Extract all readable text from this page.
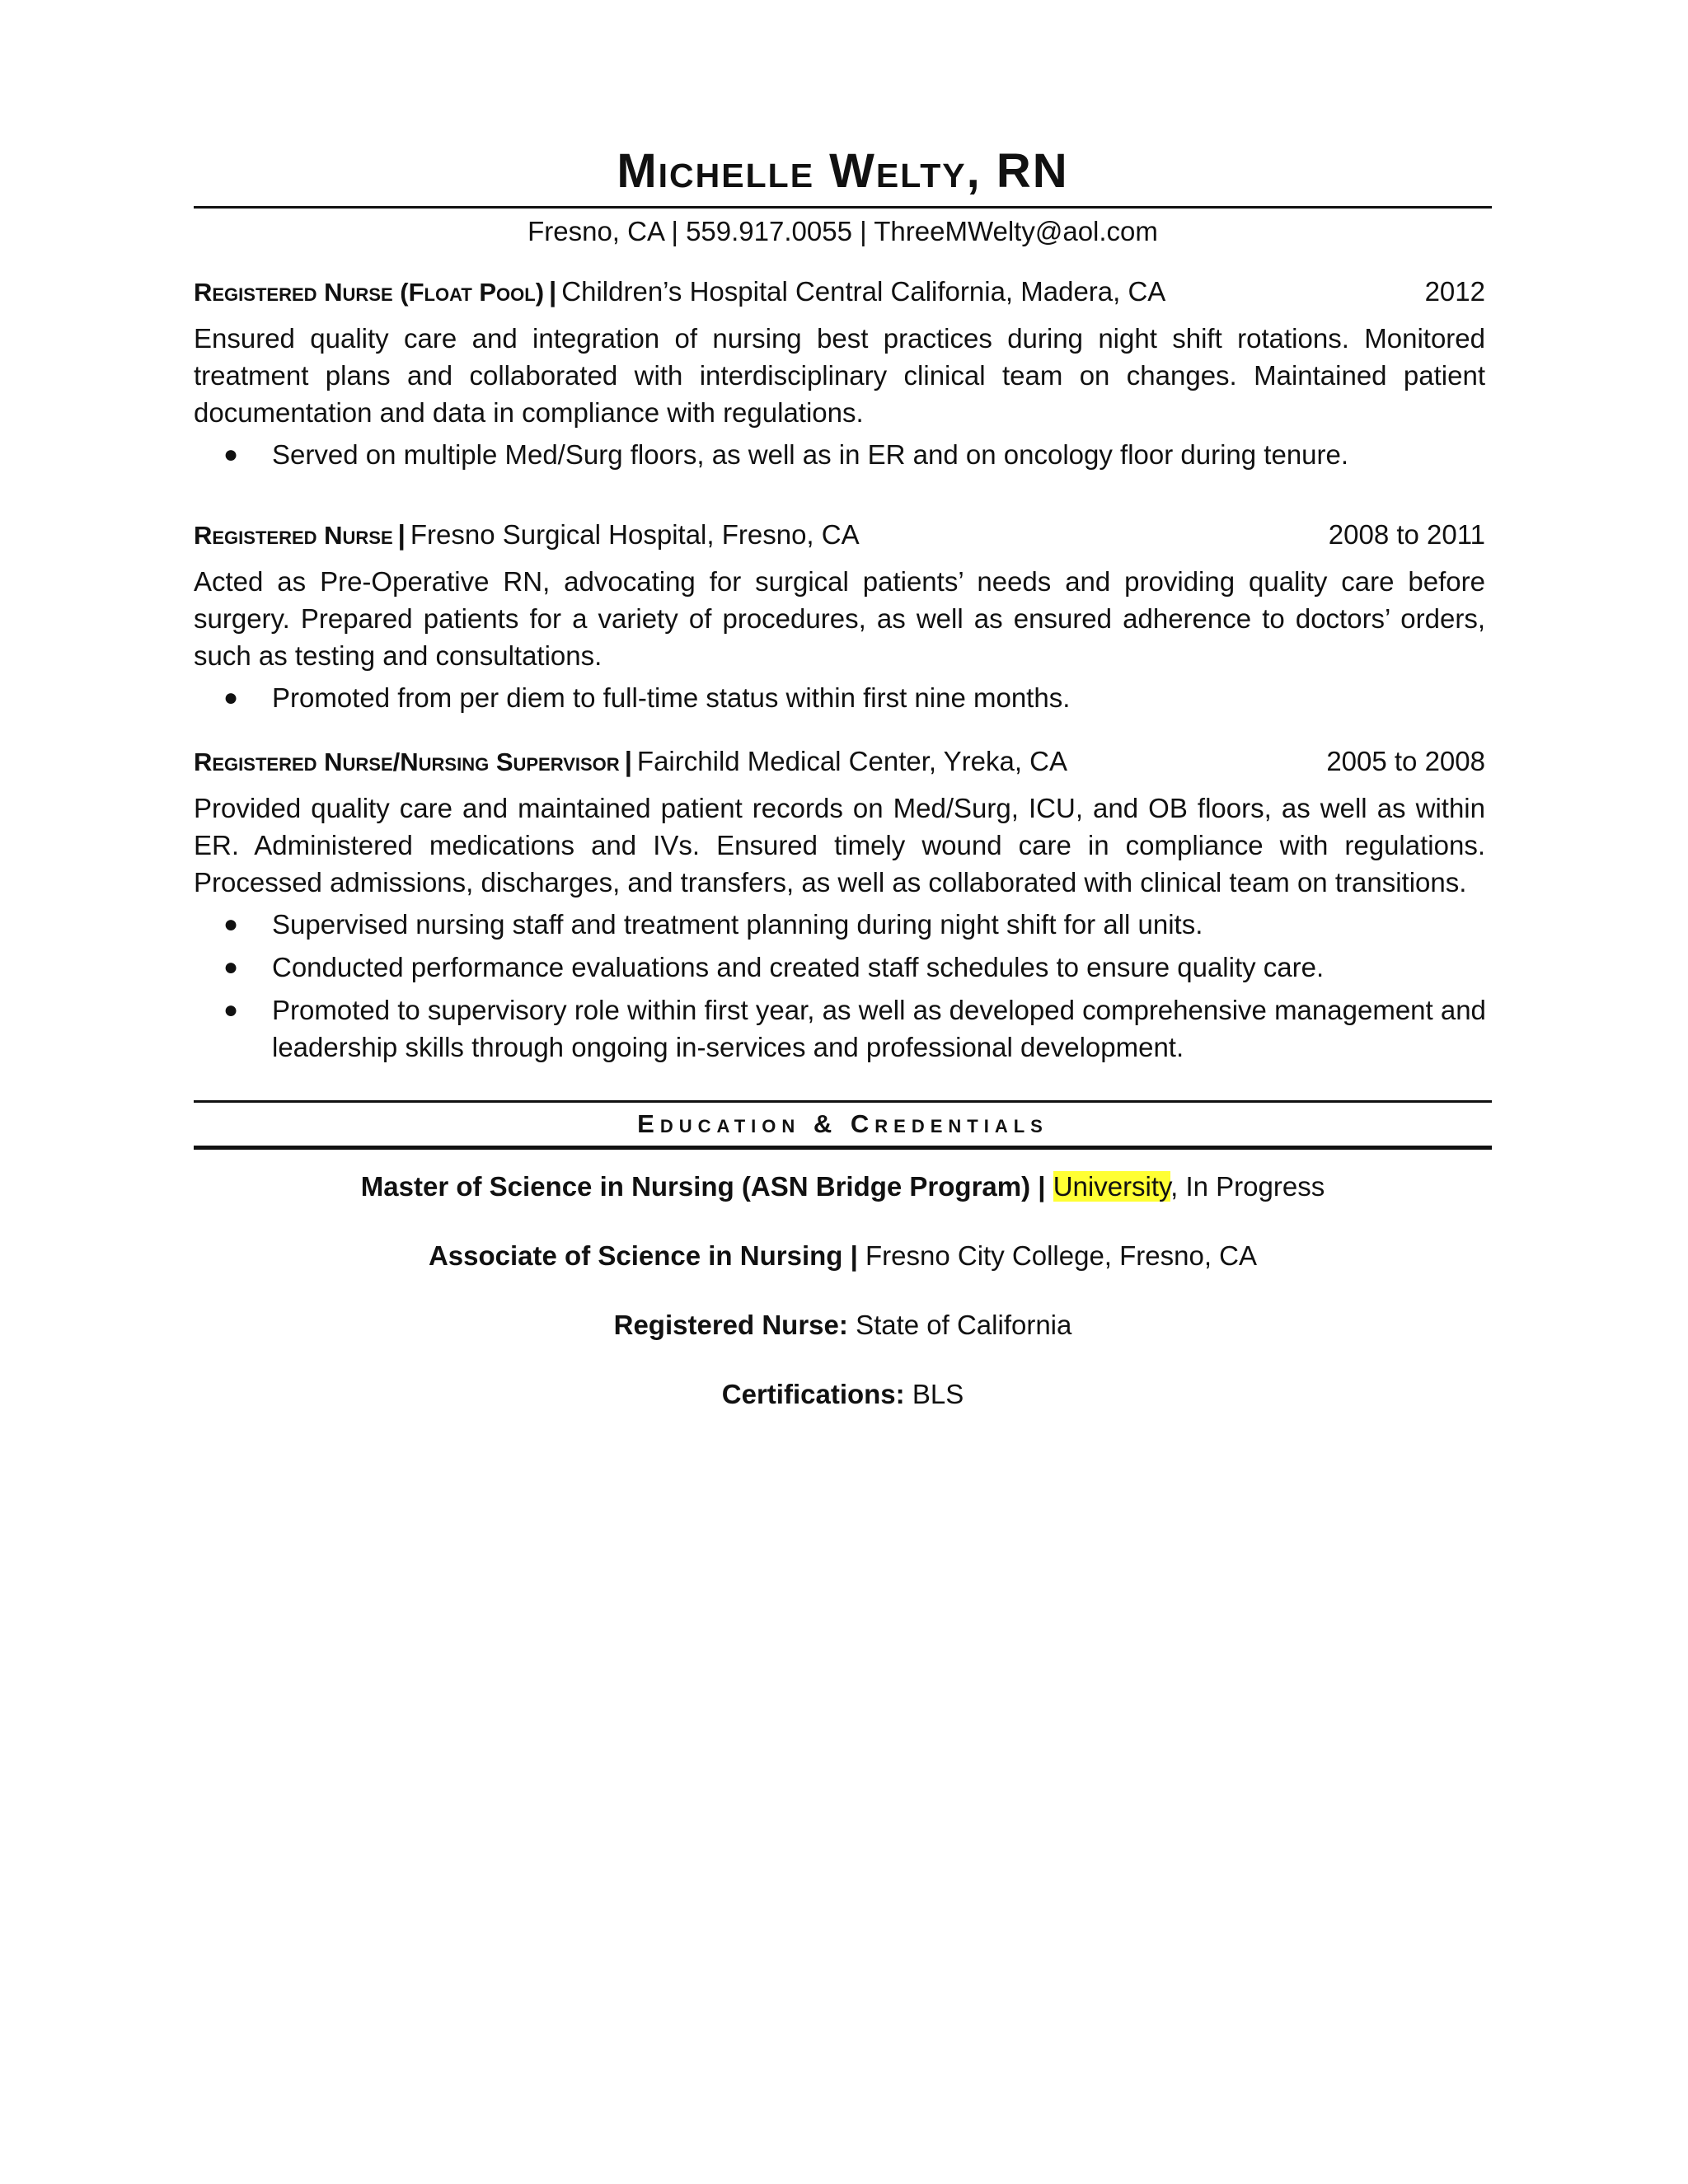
Michelle Welty, RN
Fresno, CA | 559.917.0055 | ThreeMWelty@aol.com
Registered Nurse (Float Pool) | Children’s Hospital Central California, Madera, CA	2012
Ensured quality care and integration of nursing best practices during night shift rotations. Monitored treatment plans and collaborated with interdisciplinary clinical team on changes. Maintained patient documentation and data in compliance with regulations.
● Served on multiple Med/Surg floors, as well as in ER and on oncology floor during tenure.
Registered Nurse | Fresno Surgical Hospital, Fresno, CA	2008 to 2011
Acted as Pre-Operative RN, advocating for surgical patients’ needs and providing quality care before surgery. Prepared patients for a variety of procedures, as well as ensured adherence to doctors’ orders, such as testing and consultations.
● Promoted from per diem to full-time status within first nine months.
Registered Nurse/Nursing Supervisor | Fairchild Medical Center, Yreka, CA	2005 to 2008
Provided quality care and maintained patient records on Med/Surg, ICU, and OB floors, as well as within ER. Administered medications and IVs. Ensured timely wound care in compliance with regulations. Processed admissions, discharges, and transfers, as well as collaborated with clinical team on transitions.
● Supervised nursing staff and treatment planning during night shift for all units.
● Conducted performance evaluations and created staff schedules to ensure quality care.
● Promoted to supervisory role within first year, as well as developed comprehensive management and leadership skills through ongoing in-services and professional development.
Education & Credentials
Master of Science in Nursing (ASN Bridge Program) | University, In Progress
Associate of Science in Nursing | Fresno City College, Fresno, CA
Registered Nurse: State of California
Certifications: BLS
